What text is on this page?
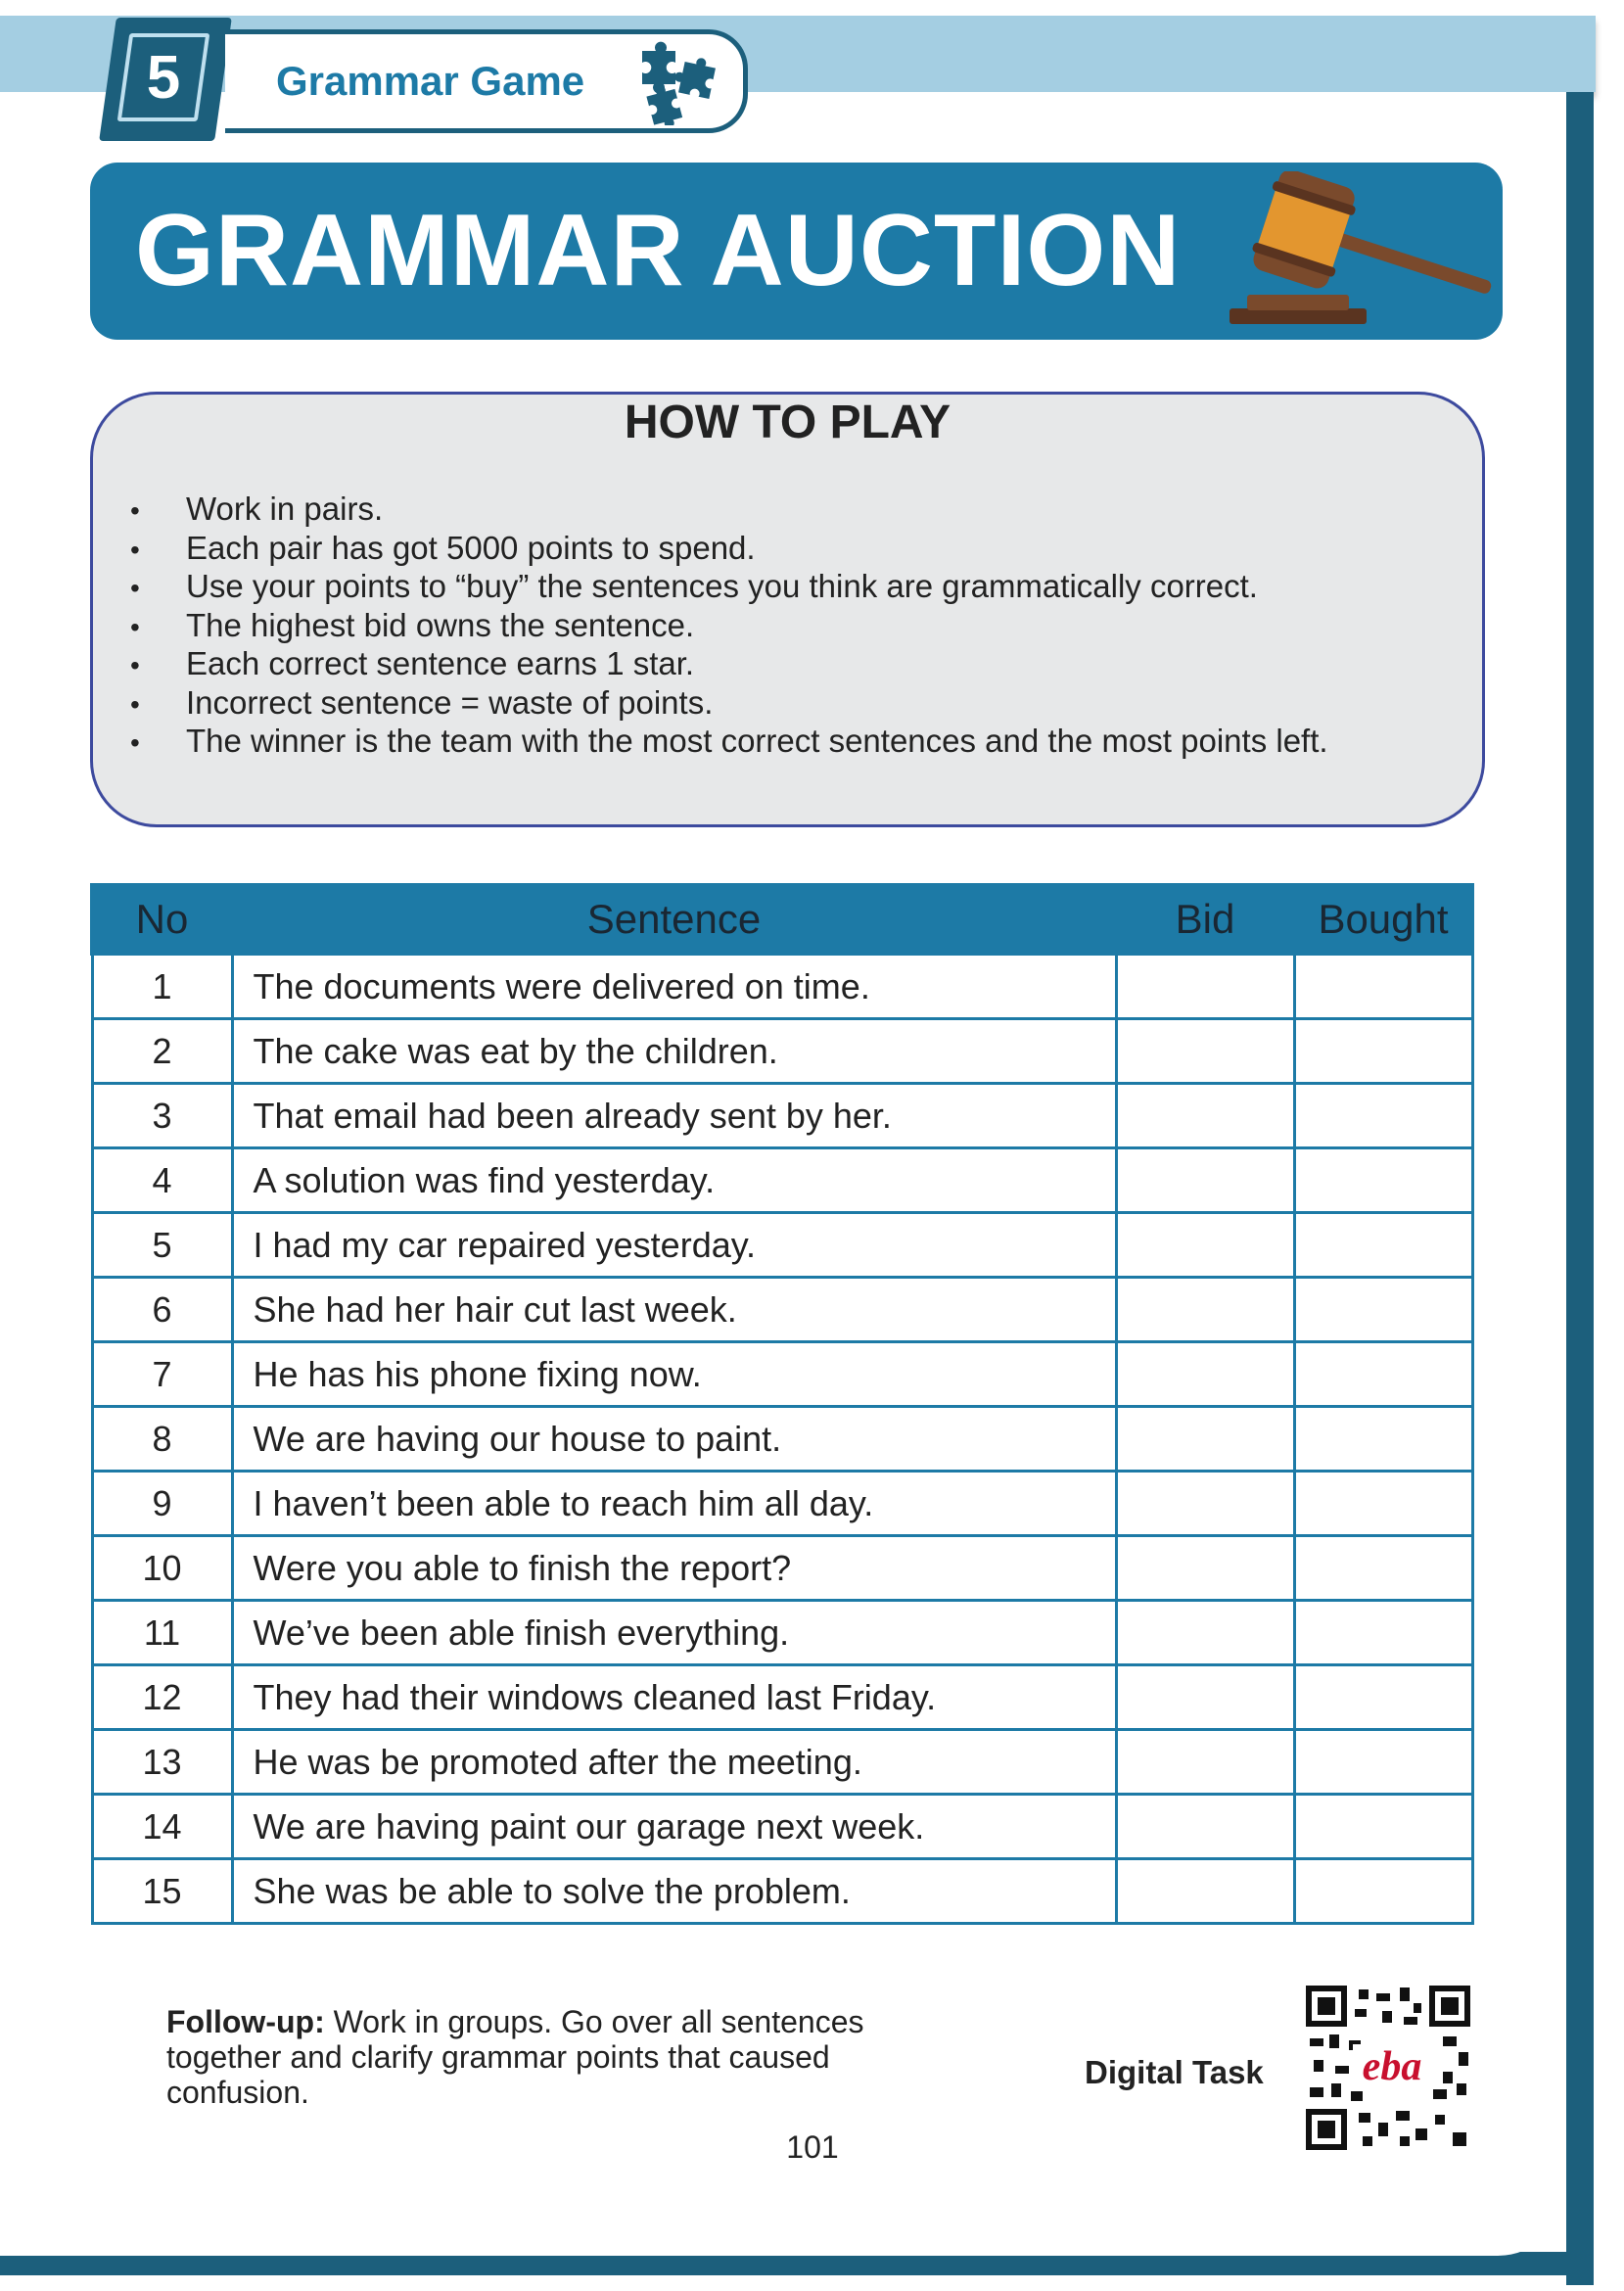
5	Grammar Game
GRAMMAR AUCTION
HOW TO PLAY
• Work in pairs.
• Each pair has got 5000 points to spend.
• Use your points to “buy” the sentences you think are grammatically correct.
• The highest bid owns the sentence.
• Each correct sentence earns 1 star.
• Incorrect sentence = waste of points.
• The winner is the team with the most correct sentences and the most points left.
No	Sentence	Bid	Bought
1	The documents were delivered on time.		
2	The cake was eat by the children.		
3	That email had been already sent by her.		
4	A solution was find yesterday.		
5	I had my car repaired yesterday.		
6	She had her hair cut last week.		
7	He has his phone fixing now.		
8	We are having our house to paint.		
9	I haven’t been able to reach him all day.		
10	Were you able to finish the report?		
11	We’ve been able finish everything.		
12	They had their windows cleaned last Friday.		
13	He was be promoted after the meeting.		
14	We are having paint our garage next week.		
15	She was be able to solve the problem.		
Follow-up: Work in groups. Go over all sentences together and clarify grammar points that caused confusion.
Digital Task eba
101
